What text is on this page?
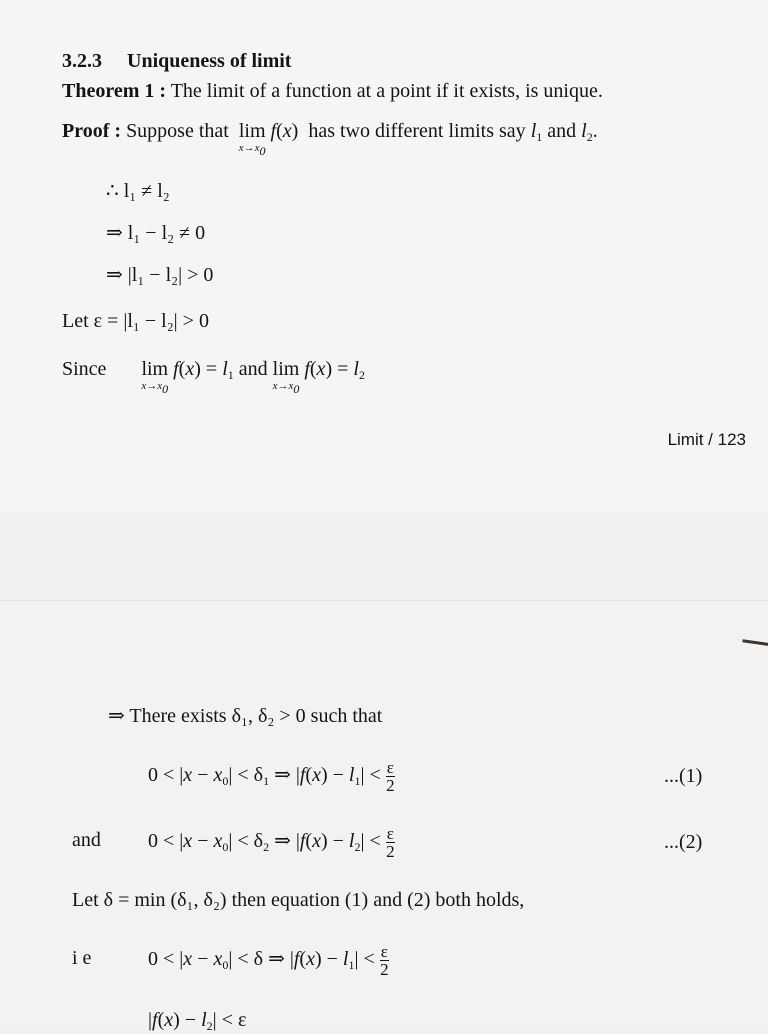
3.2.3 Uniqueness of limit
Theorem 1 : The limit of a function at a point if it exists, is unique.
Proof : Suppose that lim
$x\to x_0$
f(x)  has two different limits say $l_1$ and $l_2$.
∴ l₁ ≠ l₂
⇒ l₁ − l₂ ≠ 0
⇒ |l₁ − l₂| > 0
Let ε = |l₁ − l₂| > 0
Since lim
$x\to x_0$
$f(x) = l_1$ and lim
$x\to x_0$
$f(x) = l_2$
Limit / 123
⇒ There exists δ₁, δ₂ > 0 such that
$0 < |x - x_0| < \delta_1$ ⇒ $|f(x) - l_1| < \frac{\varepsilon}{2}$	...(1)
and $0 < |x - x_0| < \delta_2$ ⇒ $|f(x) - l_2| < \frac{\varepsilon}{2}$	...(2)
Let δ = min (δ₁, δ₂) then equation (1) and (2) both holds,
i e	$0 < |x - x_0| < \delta$ ⇒ $|f(x) - l_1| < \frac{\varepsilon}{2}$
$|f(x) - l_2| < \varepsilon$
